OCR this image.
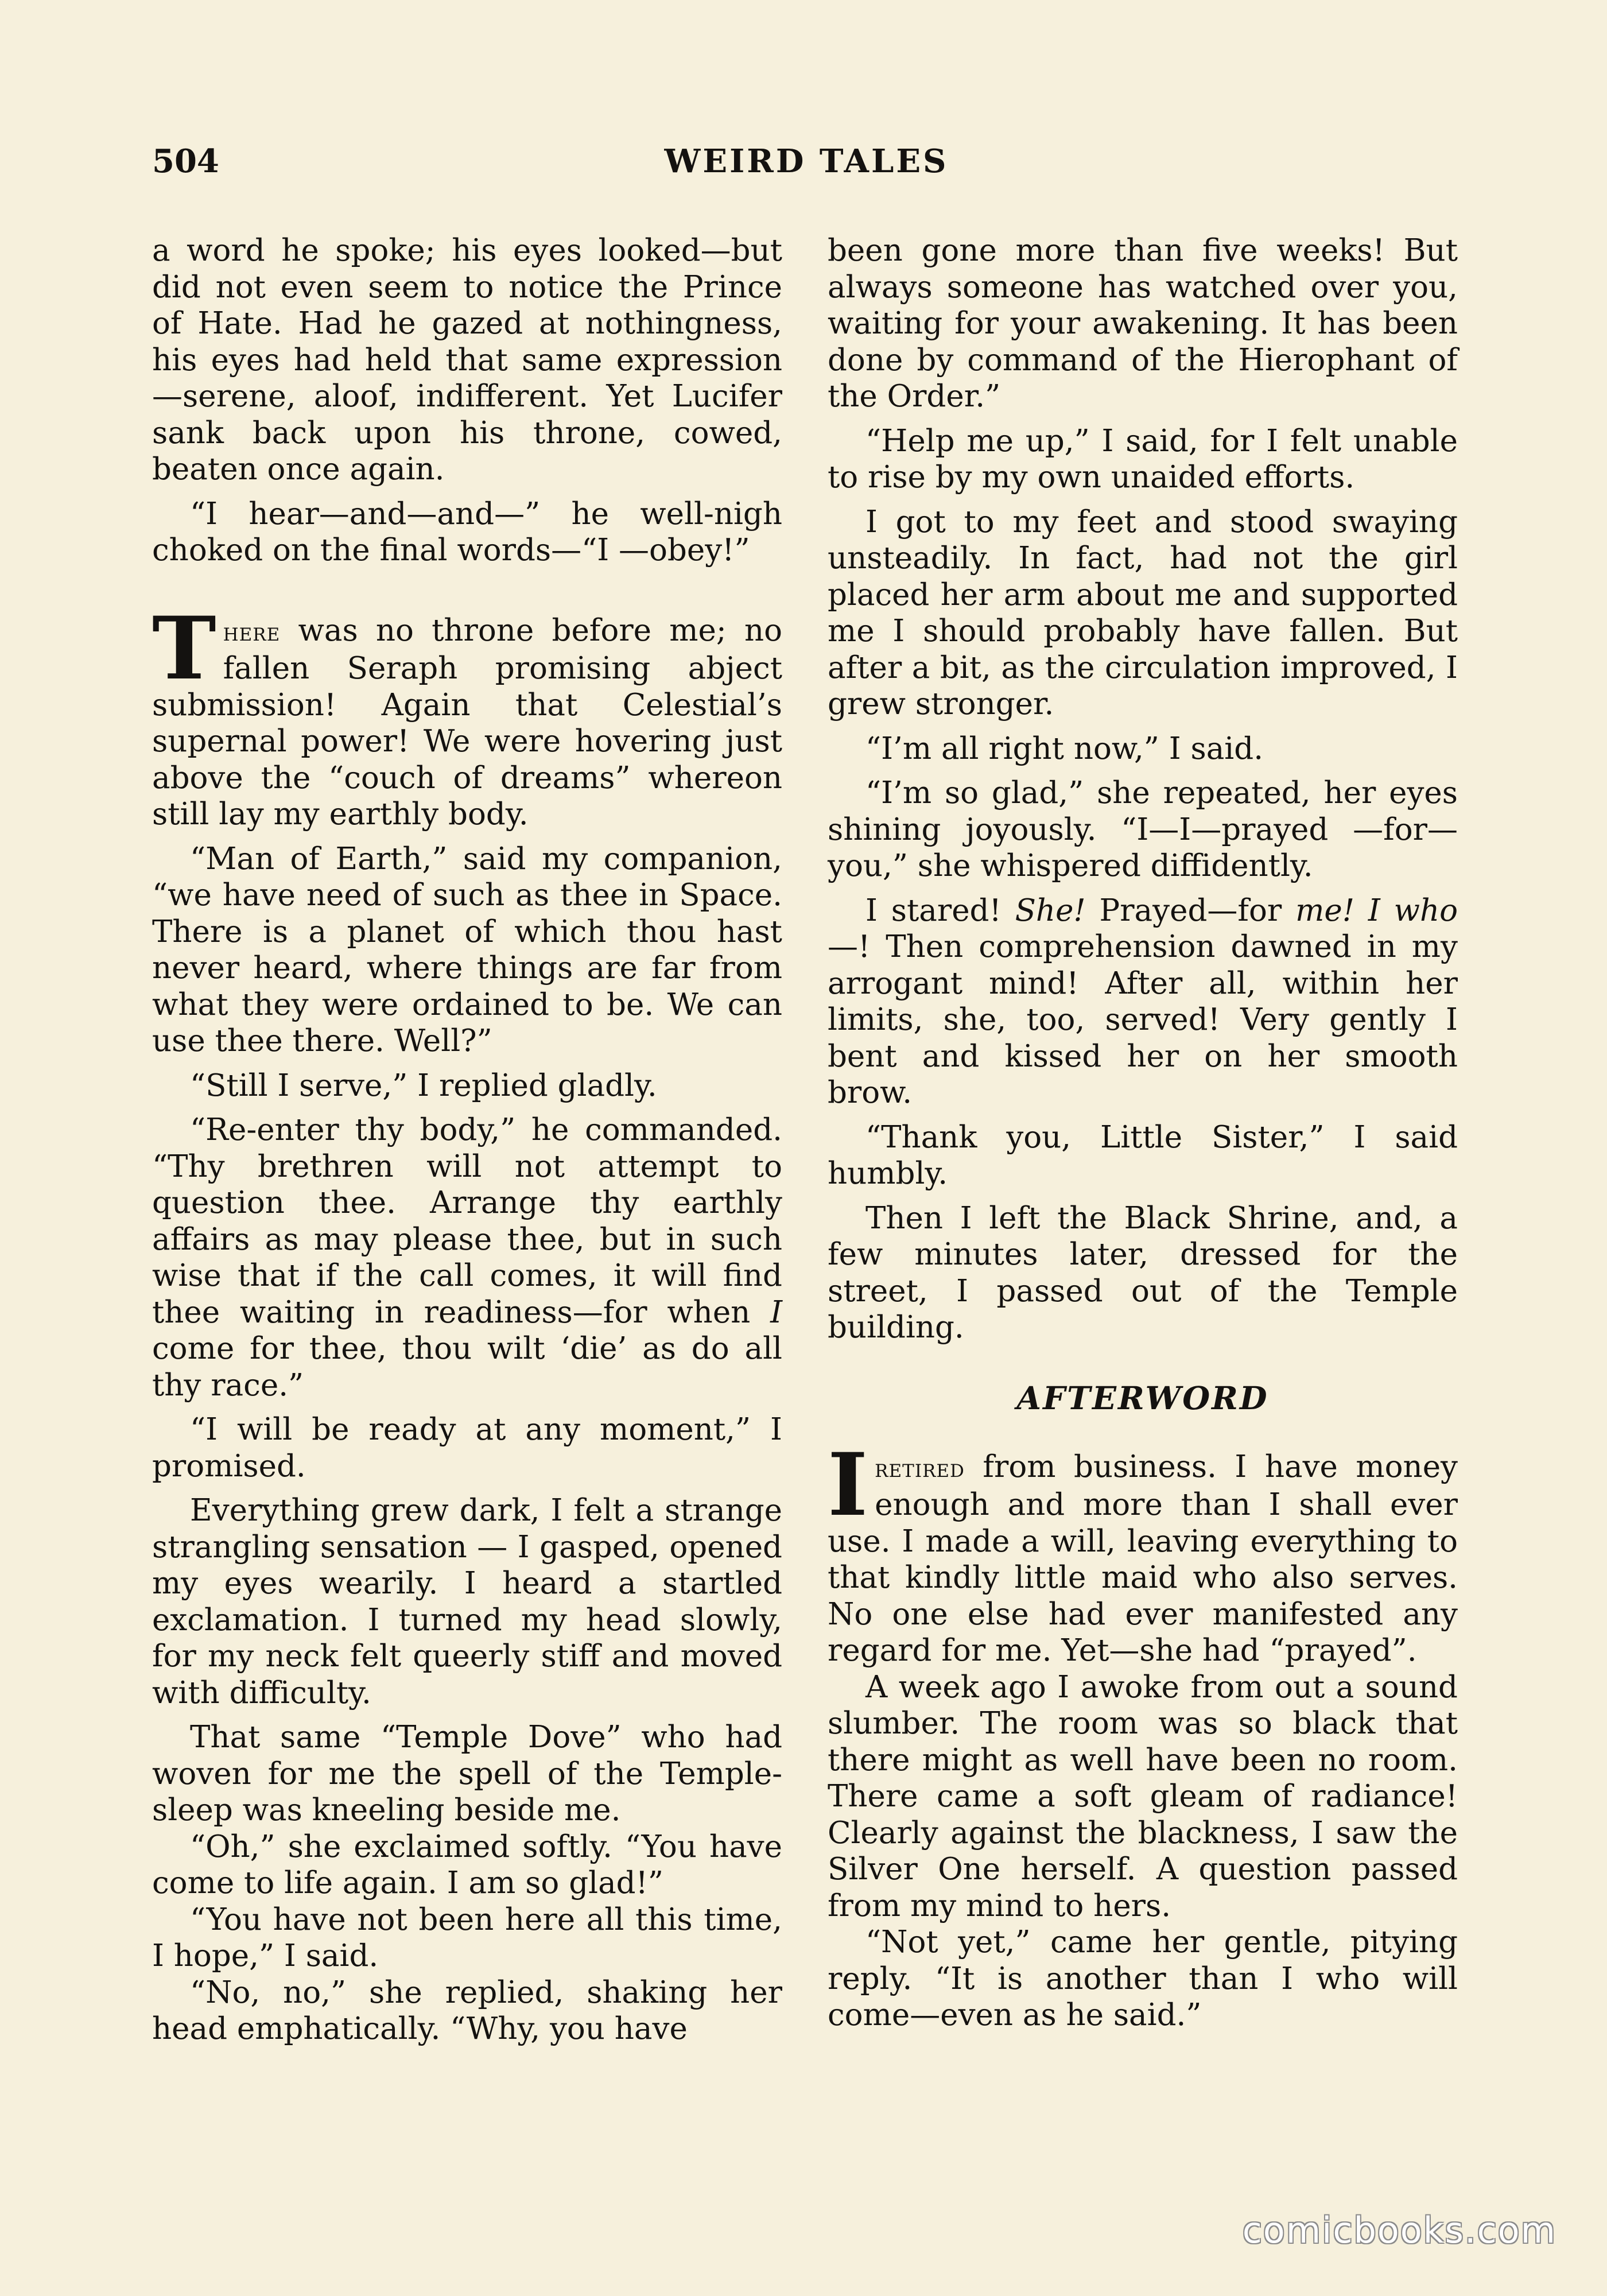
504	WEIRD TALES

a word he spoke; his eyes looked—but did not even seem to notice the Prince of Hate. Had he gazed at nothingness, his eyes had held that same expression—serene, aloof, indifferent. Yet Lucifer sank back upon his throne, cowed, beaten once again.

“I hear—and—and—” he well-nigh choked on the final words—“I —obey!”

There was no throne before me; no fallen Seraph promising abject submission! Again that Celestial’s supernal power! We were hovering just above the “couch of dreams” whereon still lay my earthly body.

“Man of Earth,” said my companion, “we have need of such as thee in Space. There is a planet of which thou hast never heard, where things are far from what they were ordained to be. We can use thee there. Well?”

“Still I serve,” I replied gladly.

“Re-enter thy body,” he commanded. “Thy brethren will not attempt to question thee. Arrange thy earthly affairs as may please thee, but in such wise that if the call comes, it will find thee waiting in readiness—for when I come for thee, thou wilt ‘die’ as do all thy race.”

“I will be ready at any moment,” I promised.

Everything grew dark, I felt a strange strangling sensation — I gasped, opened my eyes wearily. I heard a startled exclamation. I turned my head slowly, for my neck felt queerly stiff and moved with difficulty.

That same “Temple Dove” who had woven for me the spell of the Temple-sleep was kneeling beside me.

“Oh,” she exclaimed softly. “You have come to life again. I am so glad!”

“You have not been here all this time, I hope,” I said.

“No, no,” she replied, shaking her head emphatically. “Why, you have

been gone more than five weeks! But always someone has watched over you, waiting for your awakening. It has been done by command of the Hierophant of the Order.”

“Help me up,” I said, for I felt unable to rise by my own unaided efforts.

I got to my feet and stood swaying unsteadily. In fact, had not the girl placed her arm about me and supported me I should probably have fallen. But after a bit, as the circulation improved, I grew stronger.

“I’m all right now,” I said.

“I’m so glad,” she repeated, her eyes shining joyously. “I—I—prayed —for—you,” she whispered diffidently.

I stared! She! Prayed—for me! I who—! Then comprehension dawned in my arrogant mind! After all, within her limits, she, too, served! Very gently I bent and kissed her on her smooth brow.

“Thank you, Little Sister,” I said humbly.

Then I left the Black Shrine, and, a few minutes later, dressed for the street, I passed out of the Temple building.

AFTERWORD

Iretired from business. I have money enough and more than I shall ever use. I made a will, leaving everything to that kindly little maid who also serves. No one else had ever manifested any regard for me. Yet—she had “prayed”.

A week ago I awoke from out a sound slumber. The room was so black that there might as well have been no room. There came a soft gleam of radiance! Clearly against the blackness, I saw the Silver One herself. A question passed from my mind to hers.

“Not yet,” came her gentle, pitying reply. “It is another than I who will come—even as he said.”

comicbooks.com
